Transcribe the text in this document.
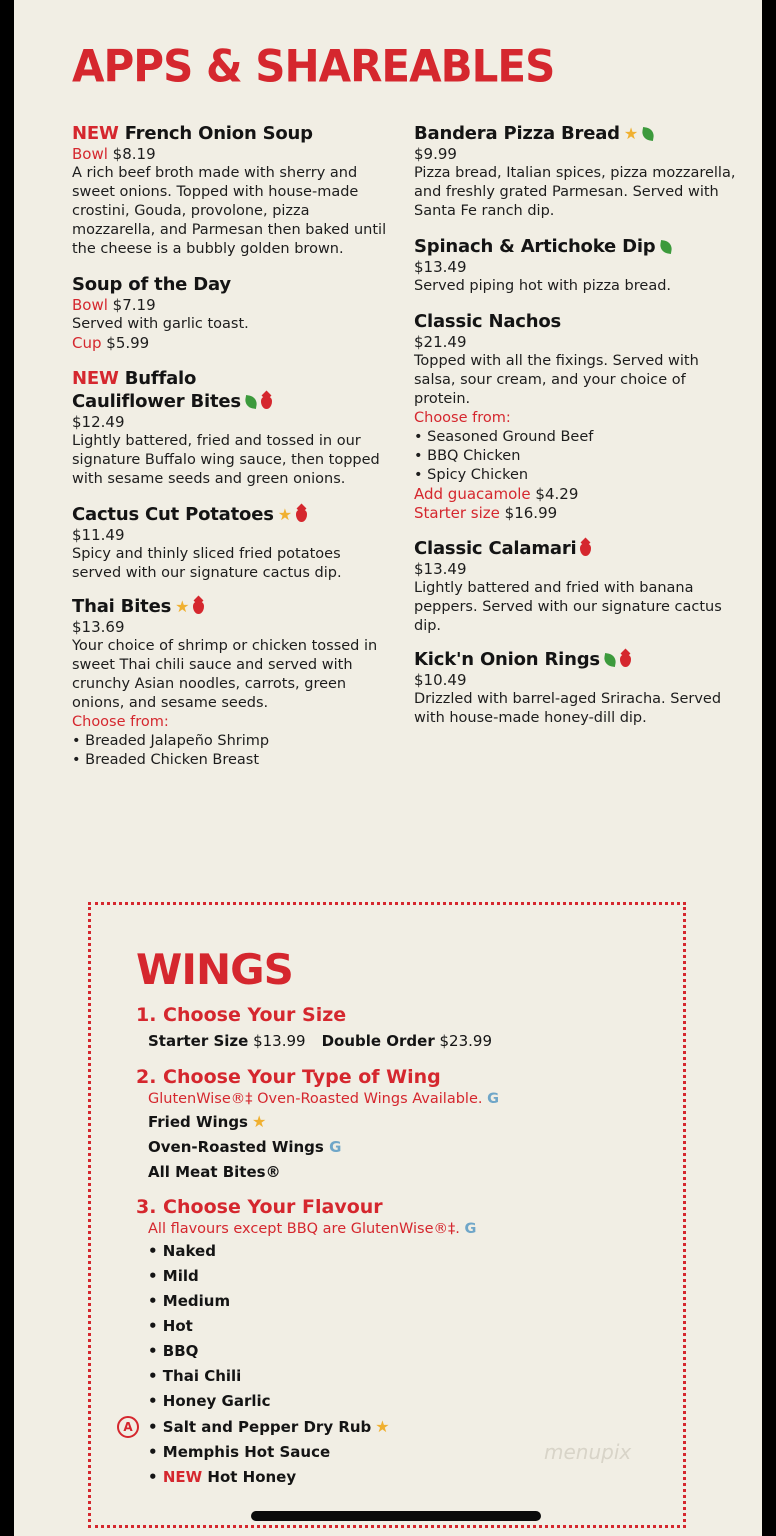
APPS & SHAREABLES
NEW French Onion Soup
Bowl $8.19
A rich beef broth made with sherry and sweet onions. Topped with house-made crostini, Gouda, provolone, pizza mozzarella, and Parmesan then baked until the cheese is a bubbly golden brown.
Soup of the Day
Bowl $7.19
Served with garlic toast.
Cup $5.99
NEW Buffalo
Cauliflower Bites
$12.49
Lightly battered, fried and tossed in our signature Buffalo wing sauce, then topped with sesame seeds and green onions.
Cactus Cut Potatoes ★
$11.49
Spicy and thinly sliced fried potatoes served with our signature cactus dip.
Thai Bites ★
$13.69
Your choice of shrimp or chicken tossed in sweet Thai chili sauce and served with crunchy Asian noodles, carrots, green onions, and sesame seeds.
Choose from:
• Breaded Jalapeño Shrimp
• Breaded Chicken Breast
Bandera Pizza Bread ★
$9.99
Pizza bread, Italian spices, pizza mozzarella, and freshly grated Parmesan. Served with Santa Fe ranch dip.
Spinach & Artichoke Dip
$13.49
Served piping hot with pizza bread.
Classic Nachos
$21.49
Topped with all the fixings. Served with salsa, sour cream, and your choice of protein.
Choose from:
• Seasoned Ground Beef
• BBQ Chicken
• Spicy Chicken
Add guacamole $4.29
Starter size $16.99
Classic Calamari
$13.49
Lightly battered and fried with banana peppers. Served with our signature cactus dip.
Kick'n Onion Rings
$10.49
Drizzled with barrel-aged Sriracha. Served with house-made honey-dill dip.
WINGS
1. Choose Your Size
Starter Size $13.99 Double Order $23.99
2. Choose Your Type of Wing
GlutenWise®‡ Oven-Roasted Wings Available. G
Fried Wings ★
Oven-Roasted Wings G
All Meat Bites®
3. Choose Your Flavour
All flavours except BBQ are GlutenWise®‡. G
• Naked
• Mild
• Medium
• Hot
• BBQ
• Thai Chili
• Honey Garlic
• Salt and Pepper Dry Rub ★
• Memphis Hot Sauce
• NEW Hot Honey
A
menupix
